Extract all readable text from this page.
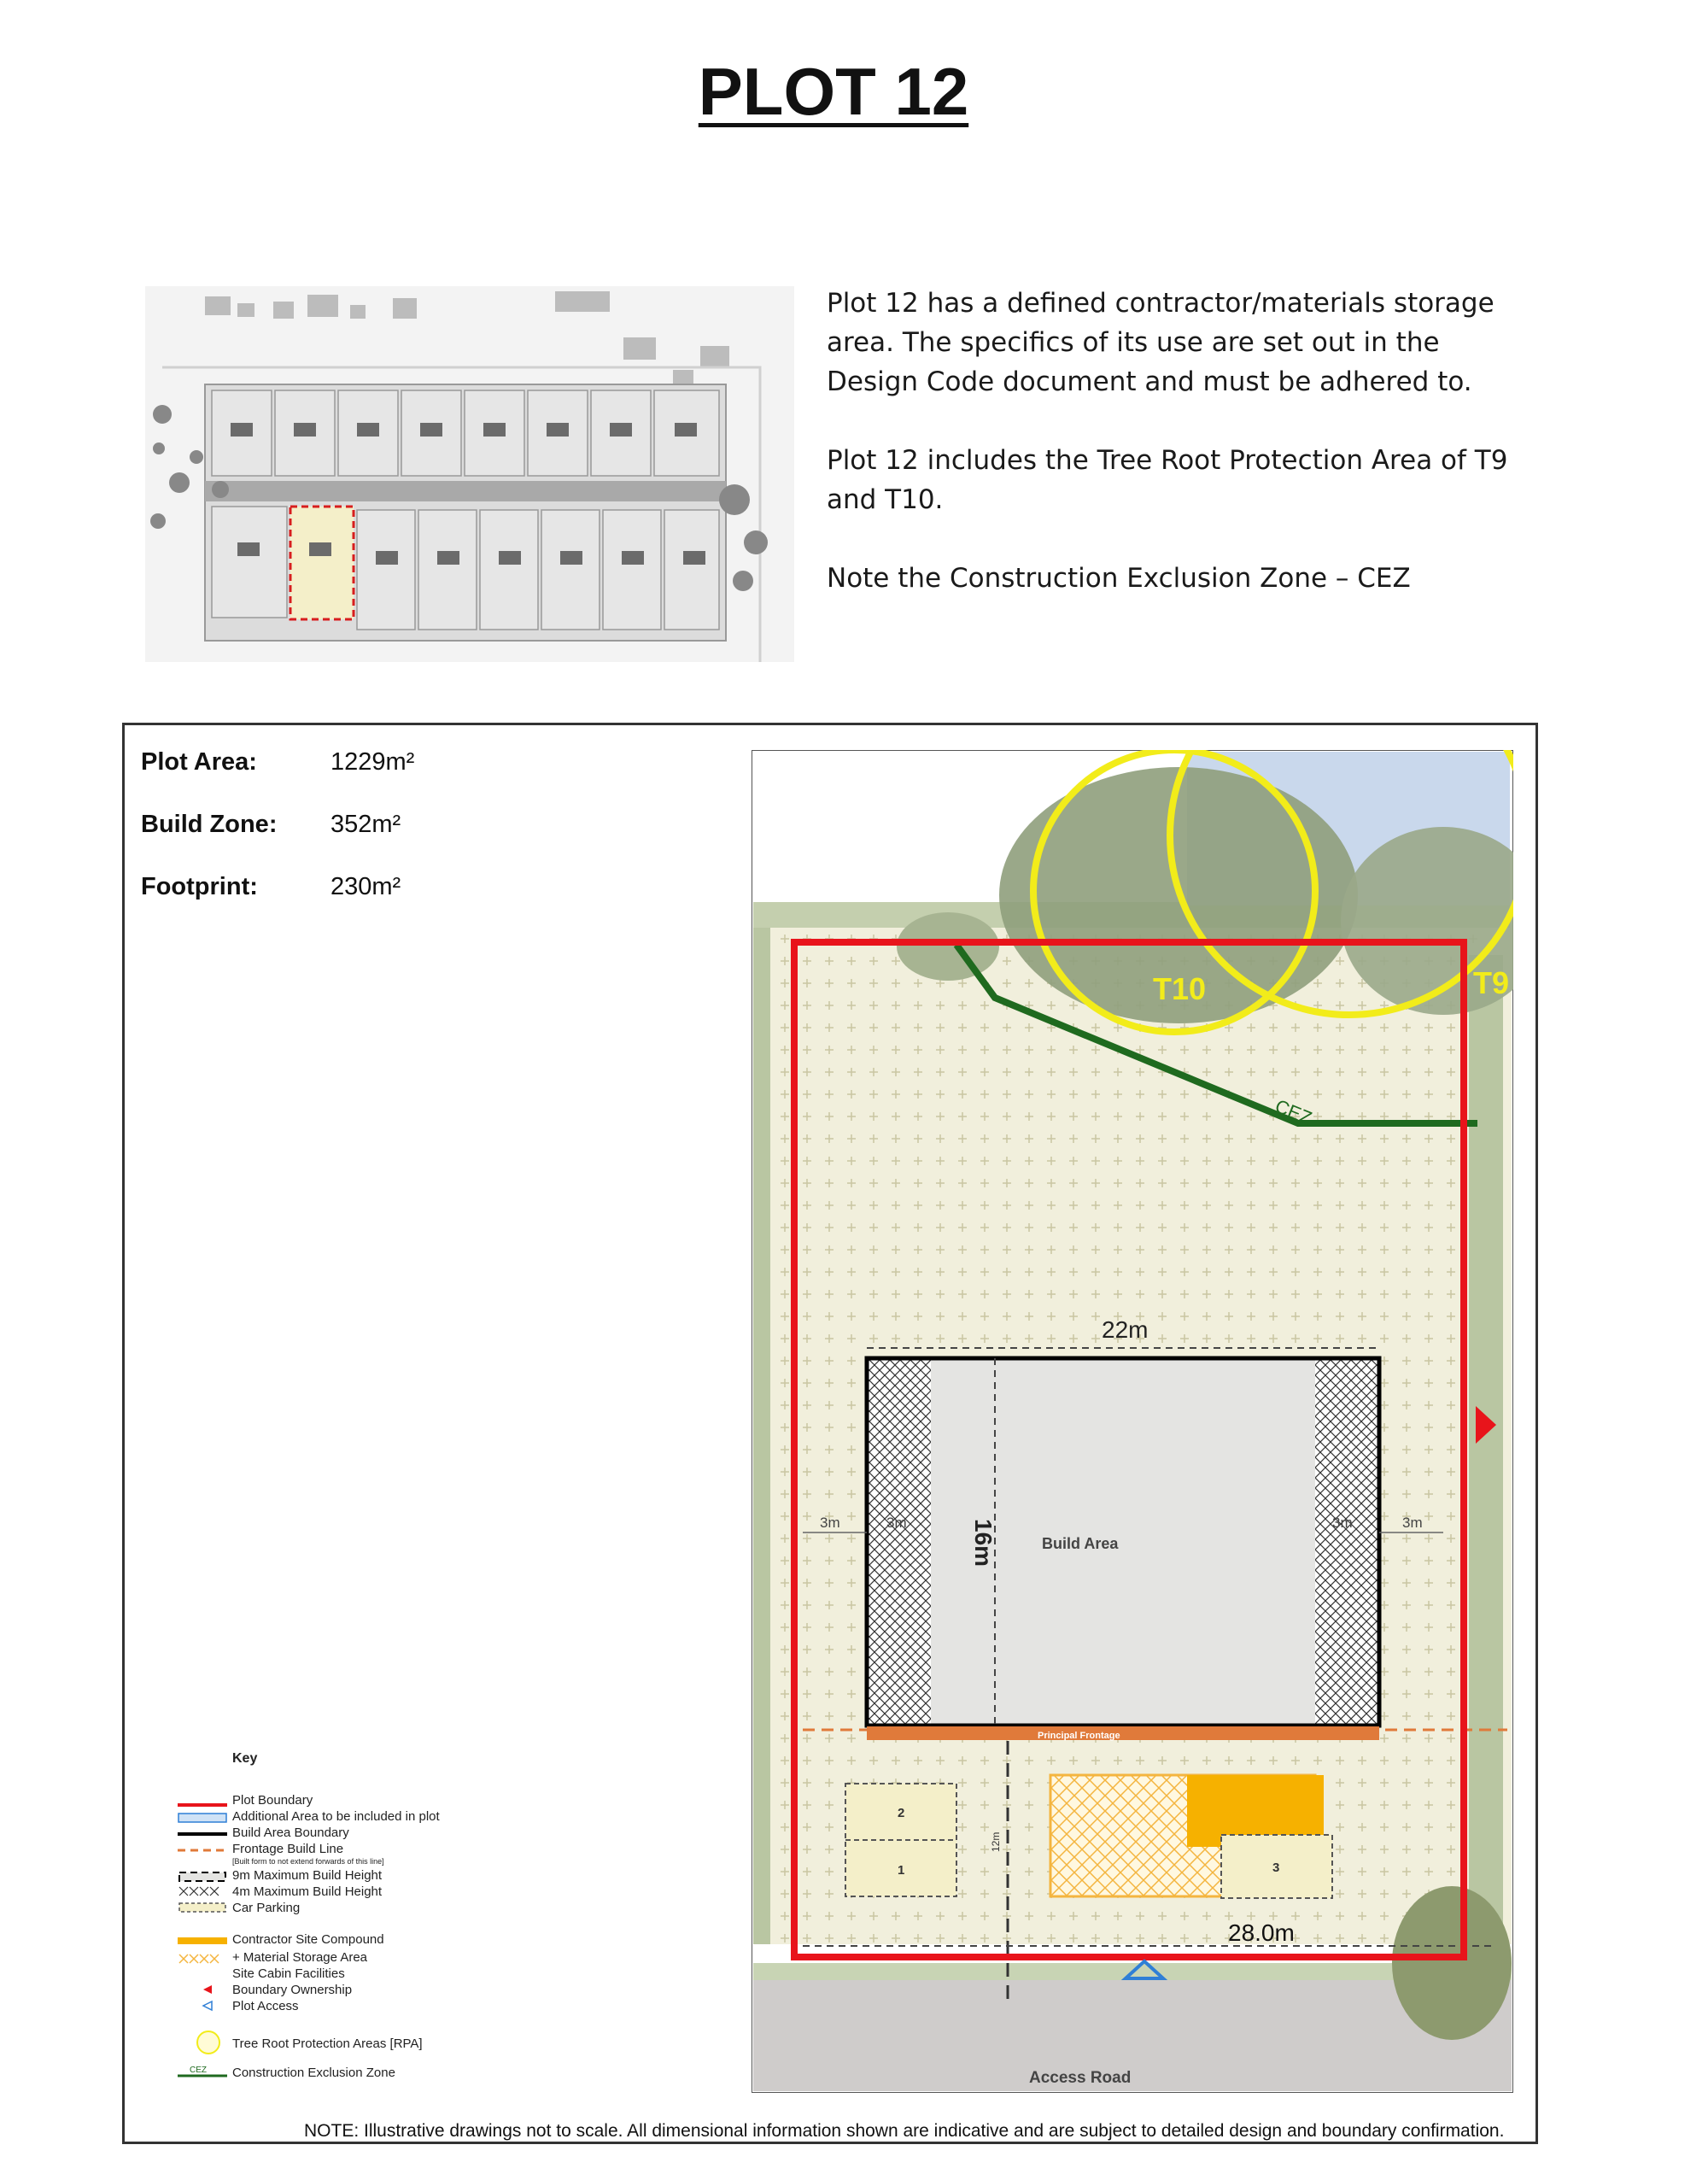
PLOT 12

Plot 12 has a defined contractor/materials storage area. The specifics of its use are set out in the Design Code document and must be adhered to.

Plot 12 includes the Tree Root Protection Area of T9 and T10.

Note the Construction Exclusion Zone – CEZ

Plot Area:	1229m²
Build Zone: 352m²
Footprint:	230m²
T10	T9
CEZ
22m
16m	Build Area
3m	3m	3m	3m
Principal Frontage
2
1	3
12m
28.0m
Access Road
Key
Plot Boundary
Additional Area to be included in plot
Build Area Boundary
Frontage Build Line
[Built form to not extend forwards of this line]
9m Maximum Build Height
4m Maximum Build Height
Car Parking
Contractor Site Compound
+ Material Storage Area
Site Cabin Facilities
Boundary Ownership
Plot Access
Tree Root Protection Areas [RPA]
CEZ Construction Exclusion Zone
NOTE: Illustrative drawings not to scale. All dimensional information shown are indicative and are subject to detailed design and boundary confirmation.
